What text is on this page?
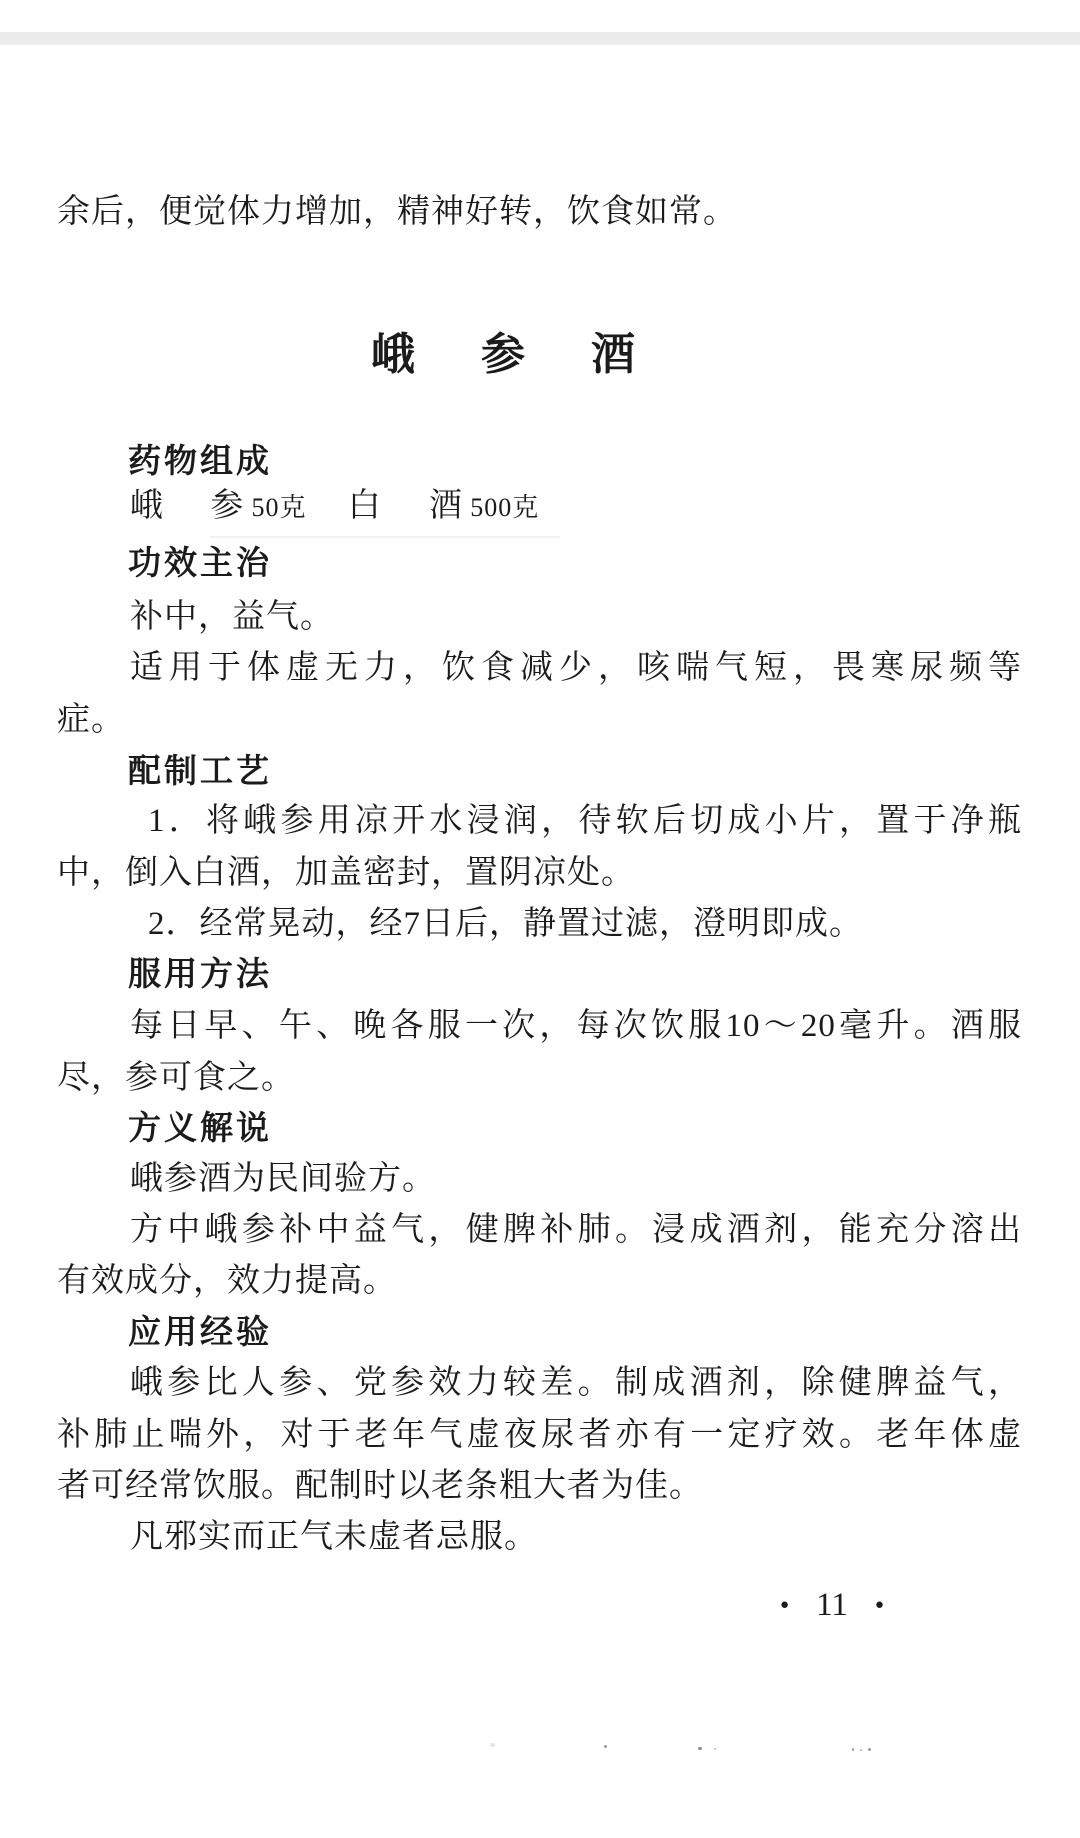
余后，便觉体力增加，精神好转，饮食如常。
峨 参 酒
药物组成
峨 参 50克 白 酒 500克
功效主治
补中，益气。
适用于体虚无力，饮食减少，咳喘气短，畏寒尿频等
症。
配制工艺
1．将峨参用凉开水浸润，待软后切成小片，置于净瓶
中，倒入白酒，加盖密封，置阴凉处。
2．经常晃动，经7日后，静置过滤，澄明即成。
服用方法
每日早、午、晚各服一次，每次饮服10～20毫升。酒服
尽，参可食之。
方义解说
峨参酒为民间验方。
方中峨参补中益气，健脾补肺。浸成酒剂，能充分溶出
有效成分，效力提高。
应用经验
峨参比人参、党参效力较差。制成酒剂，除健脾益气，
补肺止喘外，对于老年气虚夜尿者亦有一定疗效。老年体虚
者可经常饮服。配制时以老条粗大者为佳。
凡邪实而正气未虚者忌服。
● 11 ●
